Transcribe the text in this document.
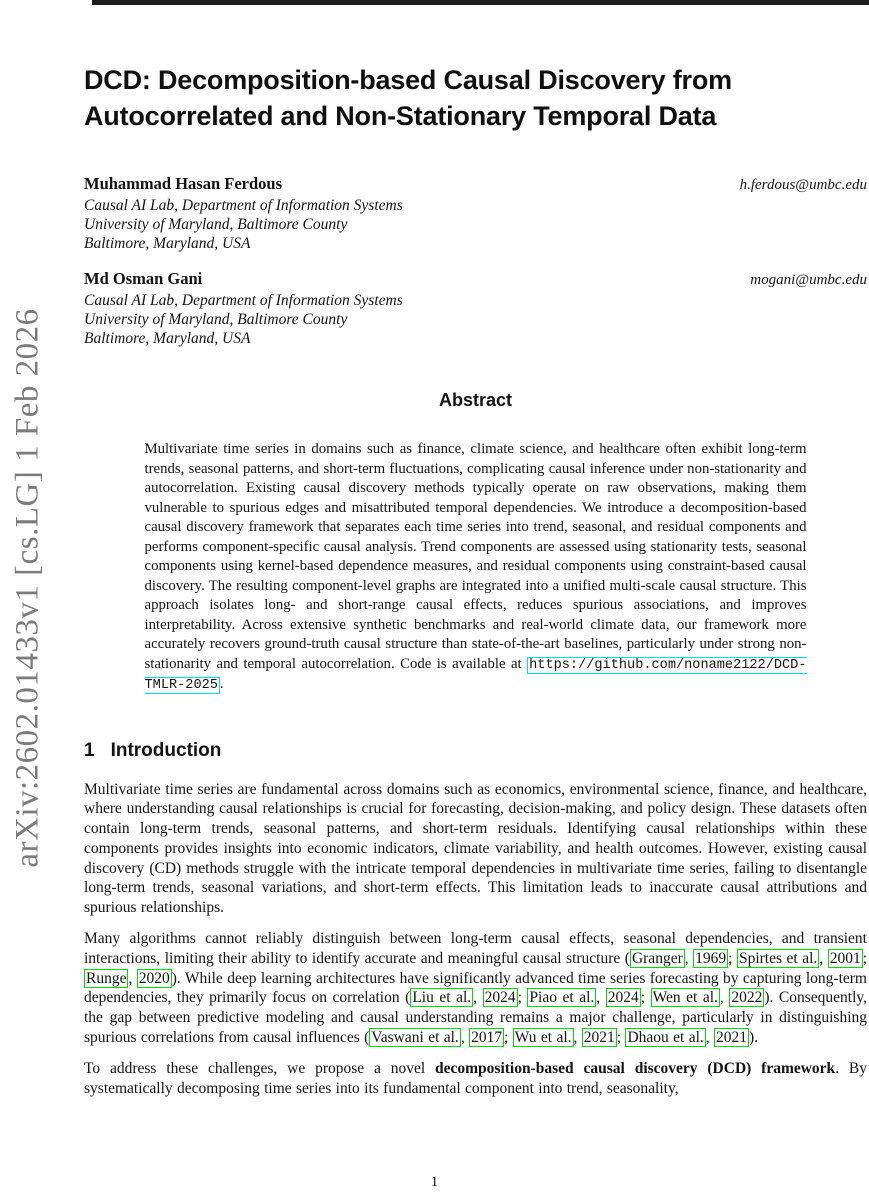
arXiv:2602.01433v1 [cs.LG] 1 Feb 2026
DCD: Decomposition-based Causal Discovery from Autocorrelated and Non-Stationary Temporal Data
Muhammad Hasan Ferdous	h.ferdous@umbc.edu
Causal AI Lab, Department of Information Systems
University of Maryland, Baltimore County
Baltimore, Maryland, USA
Md Osman Gani	mogani@umbc.edu
Causal AI Lab, Department of Information Systems
University of Maryland, Baltimore County
Baltimore, Maryland, USA
Abstract

Multivariate time series in domains such as finance, climate science, and healthcare often exhibit long-term trends, seasonal patterns, and short-term fluctuations, complicating causal inference under non-stationarity and autocorrelation. Existing causal discovery methods typically operate on raw observations, making them vulnerable to spurious edges and misattributed temporal dependencies. We introduce a decomposition-based causal discovery framework that separates each time series into trend, seasonal, and residual components and performs component-specific causal analysis. Trend components are assessed using stationarity tests, seasonal components using kernel-based dependence measures, and residual components using constraint-based causal discovery. The resulting component-level graphs are integrated into a unified multi-scale causal structure. This approach isolates long- and short-range causal effects, reduces spurious associations, and improves interpretability. Across extensive synthetic benchmarks and real-world climate data, our framework more accurately recovers ground-truth causal structure than state-of-the-art baselines, particularly under strong non-stationarity and temporal autocorrelation. Code is available at https://github.com/noname2122/DCD-TMLR-2025 .

1 Introduction

Multivariate time series are fundamental across domains such as economics, environmental science, finance, and healthcare, where understanding causal relationships is crucial for forecasting, decision-making, and policy design. These datasets often contain long-term trends, seasonal patterns, and short-term residuals. Identifying causal relationships within these components provides insights into economic indicators, climate variability, and health outcomes. However, existing causal discovery (CD) methods struggle with the intricate temporal dependencies in multivariate time series, failing to disentangle long-term trends, seasonal variations, and short-term effects. This limitation leads to inaccurate causal attributions and spurious relationships.

Many algorithms cannot reliably distinguish between long-term causal effects, seasonal dependencies, and transient interactions, limiting their ability to identify accurate and meaningful causal structure ( Granger , 1969 ; Spirtes et al. , 2001 ; Runge , 2020 ). While deep learning architectures have significantly advanced time series forecasting by capturing long-term dependencies, they primarily focus on correlation ( Liu et al. , 2024 ; Piao et al. , 2024 ; Wen et al. , 2022 ). Consequently, the gap between predictive modeling and causal understanding remains a major challenge, particularly in distinguishing spurious correlations from causal influences ( Vaswani et al. , 2017 ; Wu et al. , 2021 ; Dhaou et al. , 2021 ).

To address these challenges, we propose a novel decomposition-based causal discovery (DCD) framework. By systematically decomposing time series into its fundamental component into trend, seasonality,

1
